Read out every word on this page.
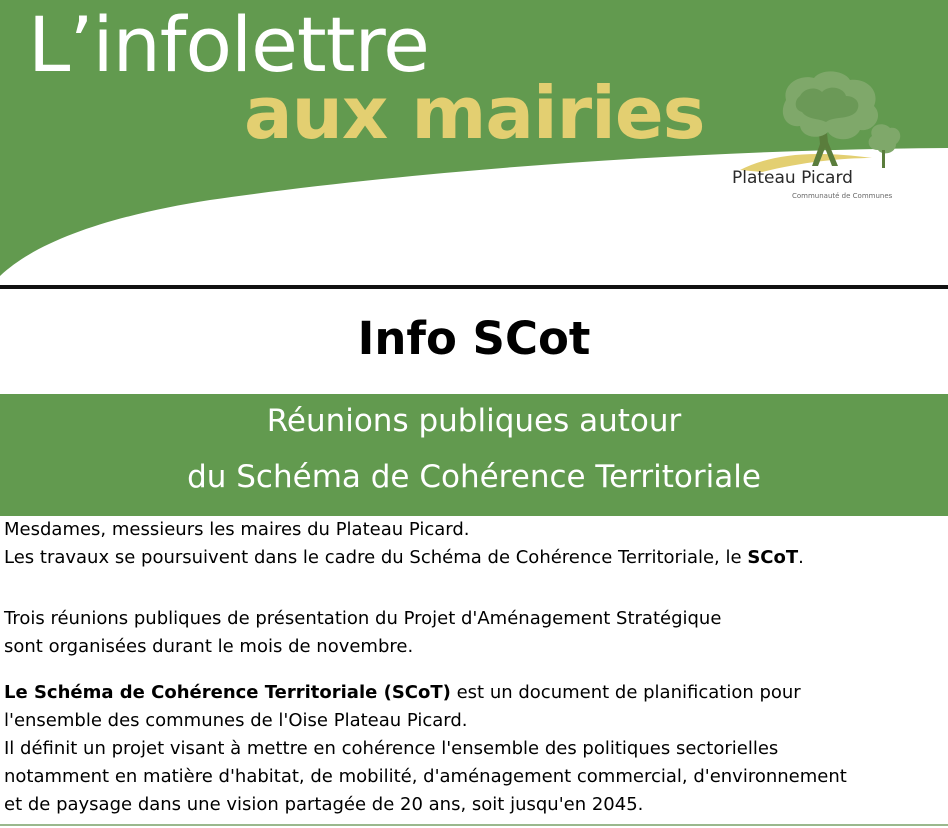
L’infolettre
aux mairies
Plateau Picard
Communauté de Communes
Info SCot
Réunions publiques autour
du Schéma de Cohérence Territoriale
Mesdames, messieurs les maires du Plateau Picard.
Les travaux se poursuivent dans le cadre du Schéma de Cohérence Territoriale, le SCoT.
Trois réunions publiques de présentation du Projet d'Aménagement Stratégique
sont organisées durant le mois de novembre.
Le Schéma de Cohérence Territoriale (SCoT) est un document de planification pour
l'ensemble des communes de l'Oise Plateau Picard.
Il définit un projet visant à mettre en cohérence l'ensemble des politiques sectorielles
notamment en matière d'habitat, de mobilité, d'aménagement commercial, d'environnement
et de paysage dans une vision partagée de 20 ans, soit jusqu'en 2045.
